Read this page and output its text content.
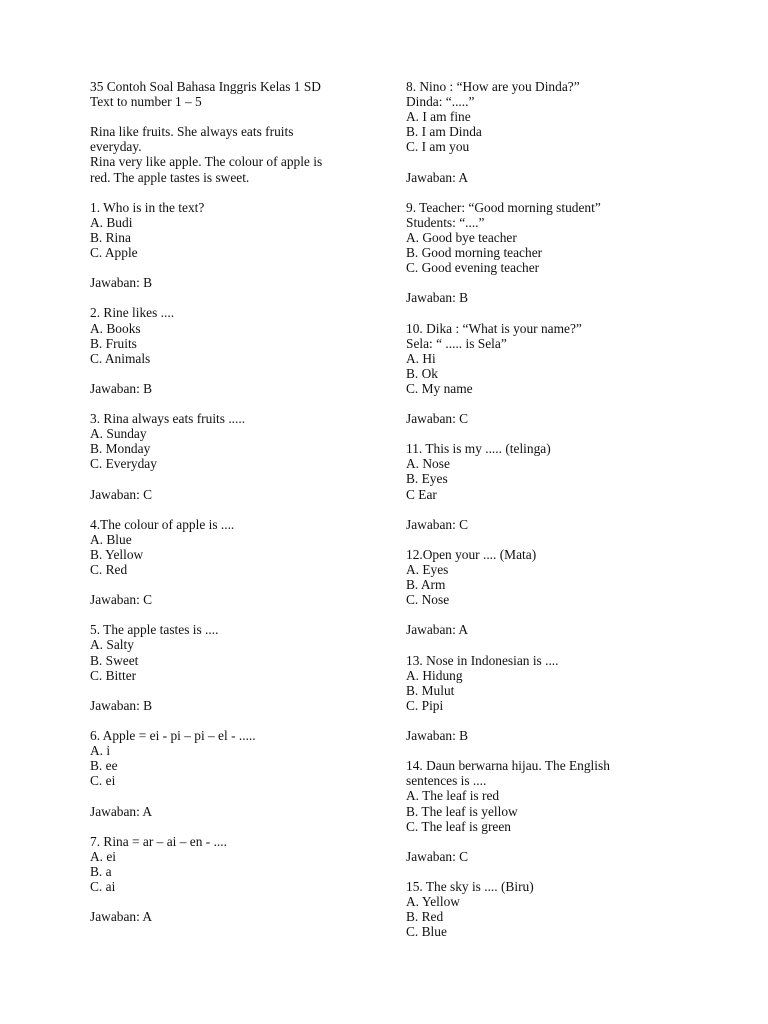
35 Contoh Soal Bahasa Inggris Kelas 1 SD
Text to number 1 – 5
Rina like fruits. She always eats fruits
everyday.
Rina very like apple. The colour of apple is
red. The apple tastes is sweet.
1. Who is in the text?
A. Budi
B. Rina
C. Apple
Jawaban: B
2. Rine likes ....
A. Books
B. Fruits
C. Animals
Jawaban: B
3. Rina always eats fruits .....
A. Sunday
B. Monday
C. Everyday
Jawaban: C
4.The colour of apple is ....
A. Blue
B. Yellow
C. Red
Jawaban: C
5. The apple tastes is ....
A. Salty
B. Sweet
C. Bitter
Jawaban: B
6. Apple = ei - pi – pi – el - .....
A. i
B. ee
C. ei
Jawaban: A
7. Rina = ar – ai – en - ....
A. ei
B. a
C. ai
Jawaban: A
8. Nino : “How are you Dinda?”
Dinda: “.....”
A. I am fine
B. I am Dinda
C. I am you
Jawaban: A
9. Teacher: “Good morning student”
Students: “....”
A. Good bye teacher
B. Good morning teacher
C. Good evening teacher
Jawaban: B
10. Dika : “What is your name?”
Sela: “ ..... is Sela”
A. Hi
B. Ok
C. My name
Jawaban: C
11. This is my ..... (telinga)
A. Nose
B. Eyes
C Ear
Jawaban: C
12.Open your .... (Mata)
A. Eyes
B. Arm
C. Nose
Jawaban: A
13. Nose in Indonesian is ....
A. Hidung
B. Mulut
C. Pipi
Jawaban: B
14. Daun berwarna hijau. The English
sentences is ....
A. The leaf is red
B. The leaf is yellow
C. The leaf is green
Jawaban: C
15. The sky is .... (Biru)
A. Yellow
B. Red
C. Blue
